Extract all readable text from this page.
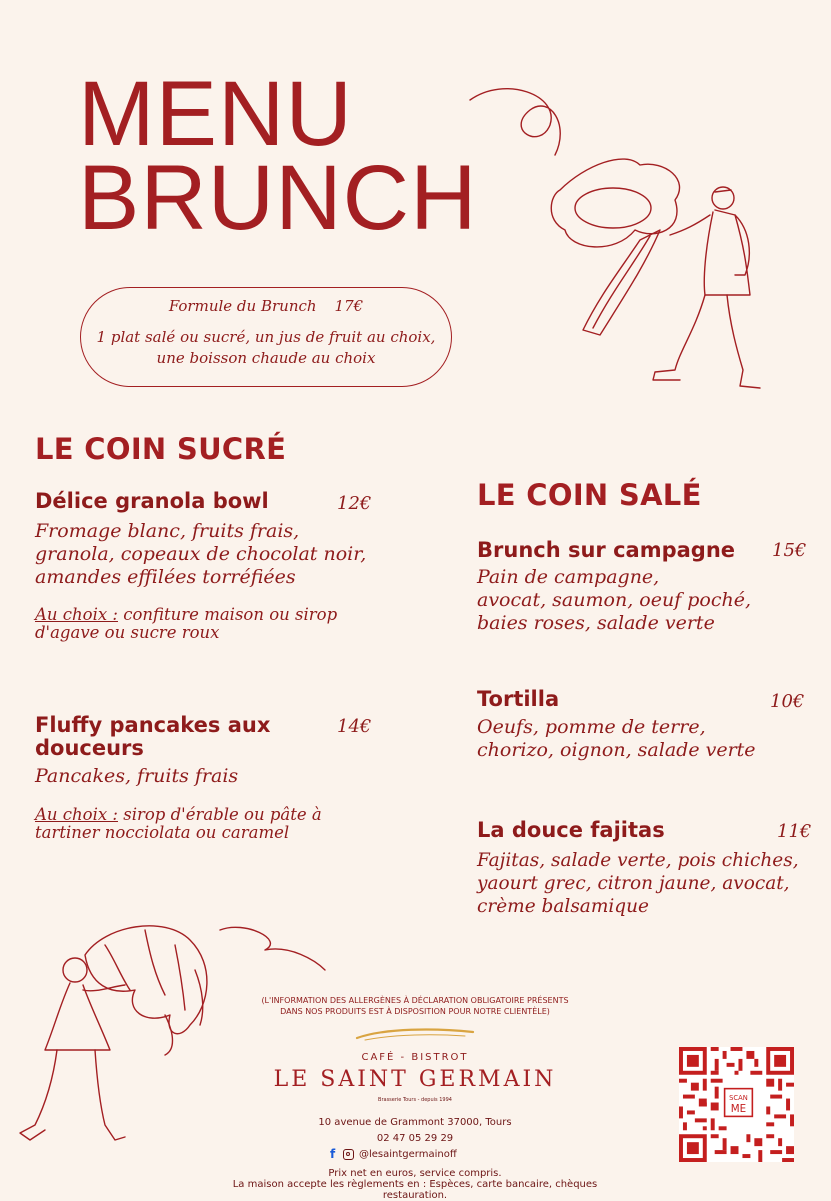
MENU
BRUNCH
Formule du Brunch 17€
1 plat salé ou sucré, un jus de fruit au choix,
une boisson chaude au choix
LE COIN SUCRÉ
Délice granola bowl	12€
Fromage blanc, fruits frais,
granola, copeaux de chocolat noir,
amandes effilées torréfiées
Au choix : confiture maison ou sirop
d'agave ou sucre roux
Fluffy pancakes aux
douceurs
14€
Pancakes, fruits frais
Au choix : sirop d'érable ou pâte à
tartiner nocciolata ou caramel
LE COIN SALÉ
Brunch sur campagne 15€
Pain de campagne,
avocat, saumon, oeuf poché,
baies roses, salade verte
Tortilla	10€
Oeufs, pomme de terre,
chorizo, oignon, salade verte
La douce fajitas	11€
Fajitas, salade verte, pois chiches,
yaourt grec, citron jaune, avocat,
crème balsamique
(L'INFORMATION DES ALLERGÈNES À DÉCLARATION OBLIGATOIRE PRÉSENTS
DANS NOS PRODUITS EST À DISPOSITION POUR NOTRE CLIENTÈLE)
CAFÉ - BISTROT
LE SAINT GERMAIN
Brasserie Tours - depuis 1994
10 avenue de Grammont 37000, Tours
02 47 05 29 29
f	@lesaintgermainoff
Prix net en euros, service compris.
La maison accepte les règlements en : Espèces, carte bancaire, chèques restauration.
SCAN
ME
